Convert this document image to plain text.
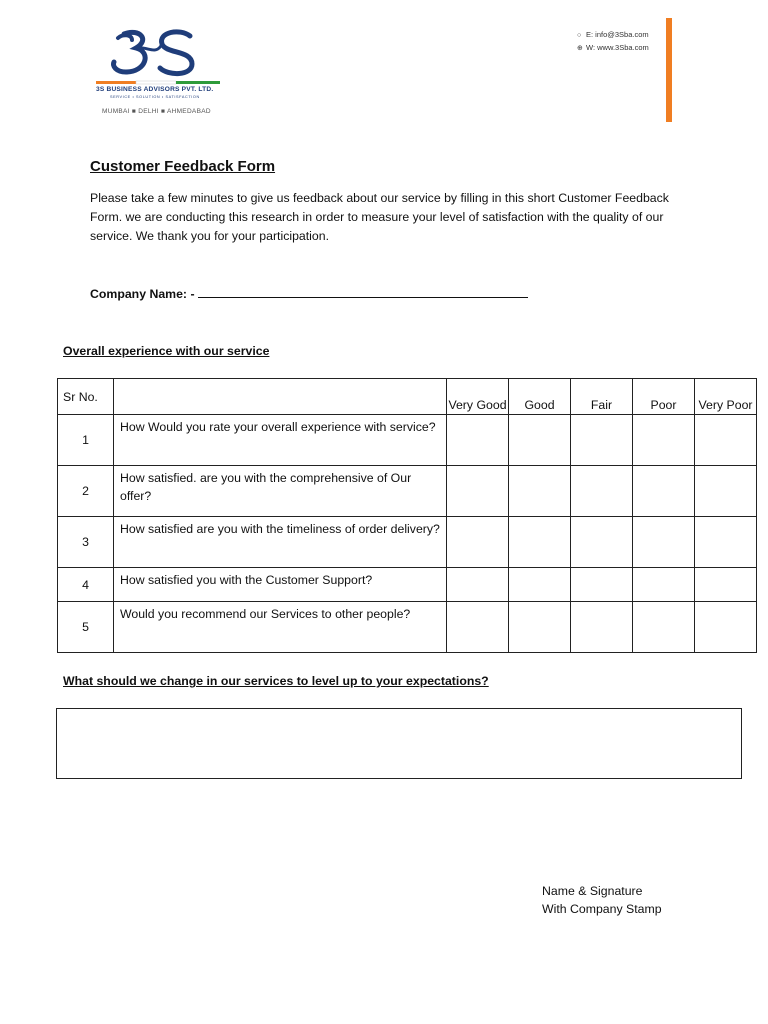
3S BUSINESS ADVISORS PVT. LTD.
SERVICE • SOLUTION • SATISFACTION
MUMBAI ■ DELHI ■ AHMEDABAD
○ E: info@3Sba.com
⊕ W: www.3Sba.com
Customer Feedback Form
Please take a few minutes to give us feedback about our service by filling in this short Customer Feedback Form. we are conducting this research in order to measure your level of satisfaction with the quality of our service. We thank you for your participation.
Company Name: -
Overall experience with our service
Sr No.		Very Good	Good	Fair	Poor	Very Poor
1	How Would you rate your overall experience with service?					
2	How satisfied. are you with the comprehensive of Our offer?					
3	How satisfied are you with the timeliness of order delivery?					
4	How satisfied you with the Customer Support?					
5	Would you recommend our Services to other people?					
What should we change in our services to level up to your expectations?
Name & Signature
With Company Stamp
